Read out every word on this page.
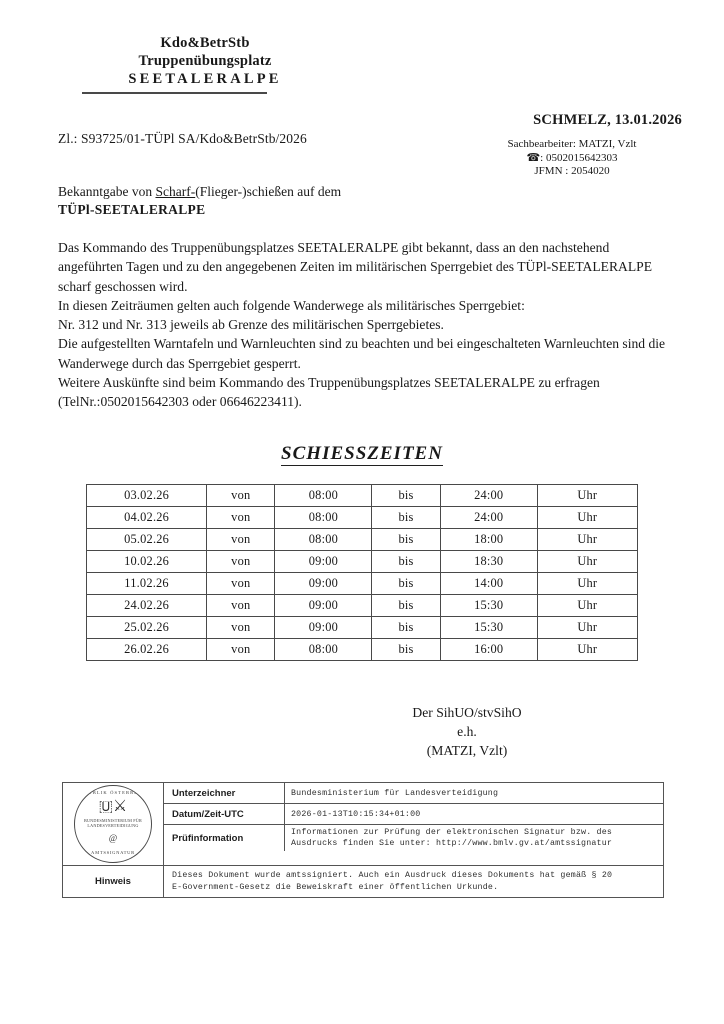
Kdo&BetrStb
Truppenübungsplatz
SEETALERALPE
Zl.: S93725/01-TÜPl SA/Kdo&BetrStb/2026
SCHMELZ, 13.01.2026
Sachbearbeiter: MATZI, Vzlt
☎: 0502015642303
JFMN : 2054020
Bekanntgabe von Scharf-(Flieger-)schießen auf dem
TÜPl-SEETALERALPE

Das Kommando des Truppenübungsplatzes SEETALERALPE gibt bekannt, dass an den nachstehend angeführten Tagen und zu den angegebenen Zeiten im militärischen Sperrgebiet des TÜPl-SEETALERALPE scharf geschossen wird.

In diesen Zeiträumen gelten auch folgende Wanderwege als militärisches Sperrgebiet:

Nr. 312 und Nr. 313 jeweils ab Grenze des militärischen Sperrgebietes.

Die aufgestellten Warntafeln und Warnleuchten sind zu beachten und bei eingeschalteten Warnleuchten sind die Wanderwege durch das Sperrgebiet gesperrt.

Weitere Auskünfte sind beim Kommando des Truppenübungsplatzes SEETALERALPE zu erfragen (TelNr.:0502015642303 oder 06646223411).

SCHIESSZEITEN
03.02.26	von	08:00	bis	24:00	Uhr
04.02.26	von	08:00	bis	24:00	Uhr
05.02.26	von	08:00	bis	18:00	Uhr
10.02.26	von	09:00	bis	18:30	Uhr
11.02.26	von	09:00	bis	14:00	Uhr
24.02.26	von	09:00	bis	15:30	Uhr
25.02.26	von	09:00	bis	15:30	Uhr
26.02.26	von	08:00	bis	16:00	Uhr
Der SihUO/stvSihO
e.h.
(MATZI, Vzlt)
REPUBLIK ÖSTERREICH
🇺​⚔
BUNDESMINISTERIUM FÜR LANDESVERTEIDIGUNG
@
AMTSSIGNATUR
Unterzeichner	Bundesministerium für Landesverteidigung
Datum/Zeit-UTC	2026-01-13T10:15:34+01:00
Prüfinformation	Informationen zur Prüfung der elektronischen Signatur bzw. des
Ausdrucks finden Sie unter: http://www.bmlv.gv.at/amtssignatur
Hinweis
Dieses Dokument wurde amtssigniert. Auch ein Ausdruck dieses Dokuments hat gemäß § 20
E-Government-Gesetz die Beweiskraft einer öffentlichen Urkunde.
